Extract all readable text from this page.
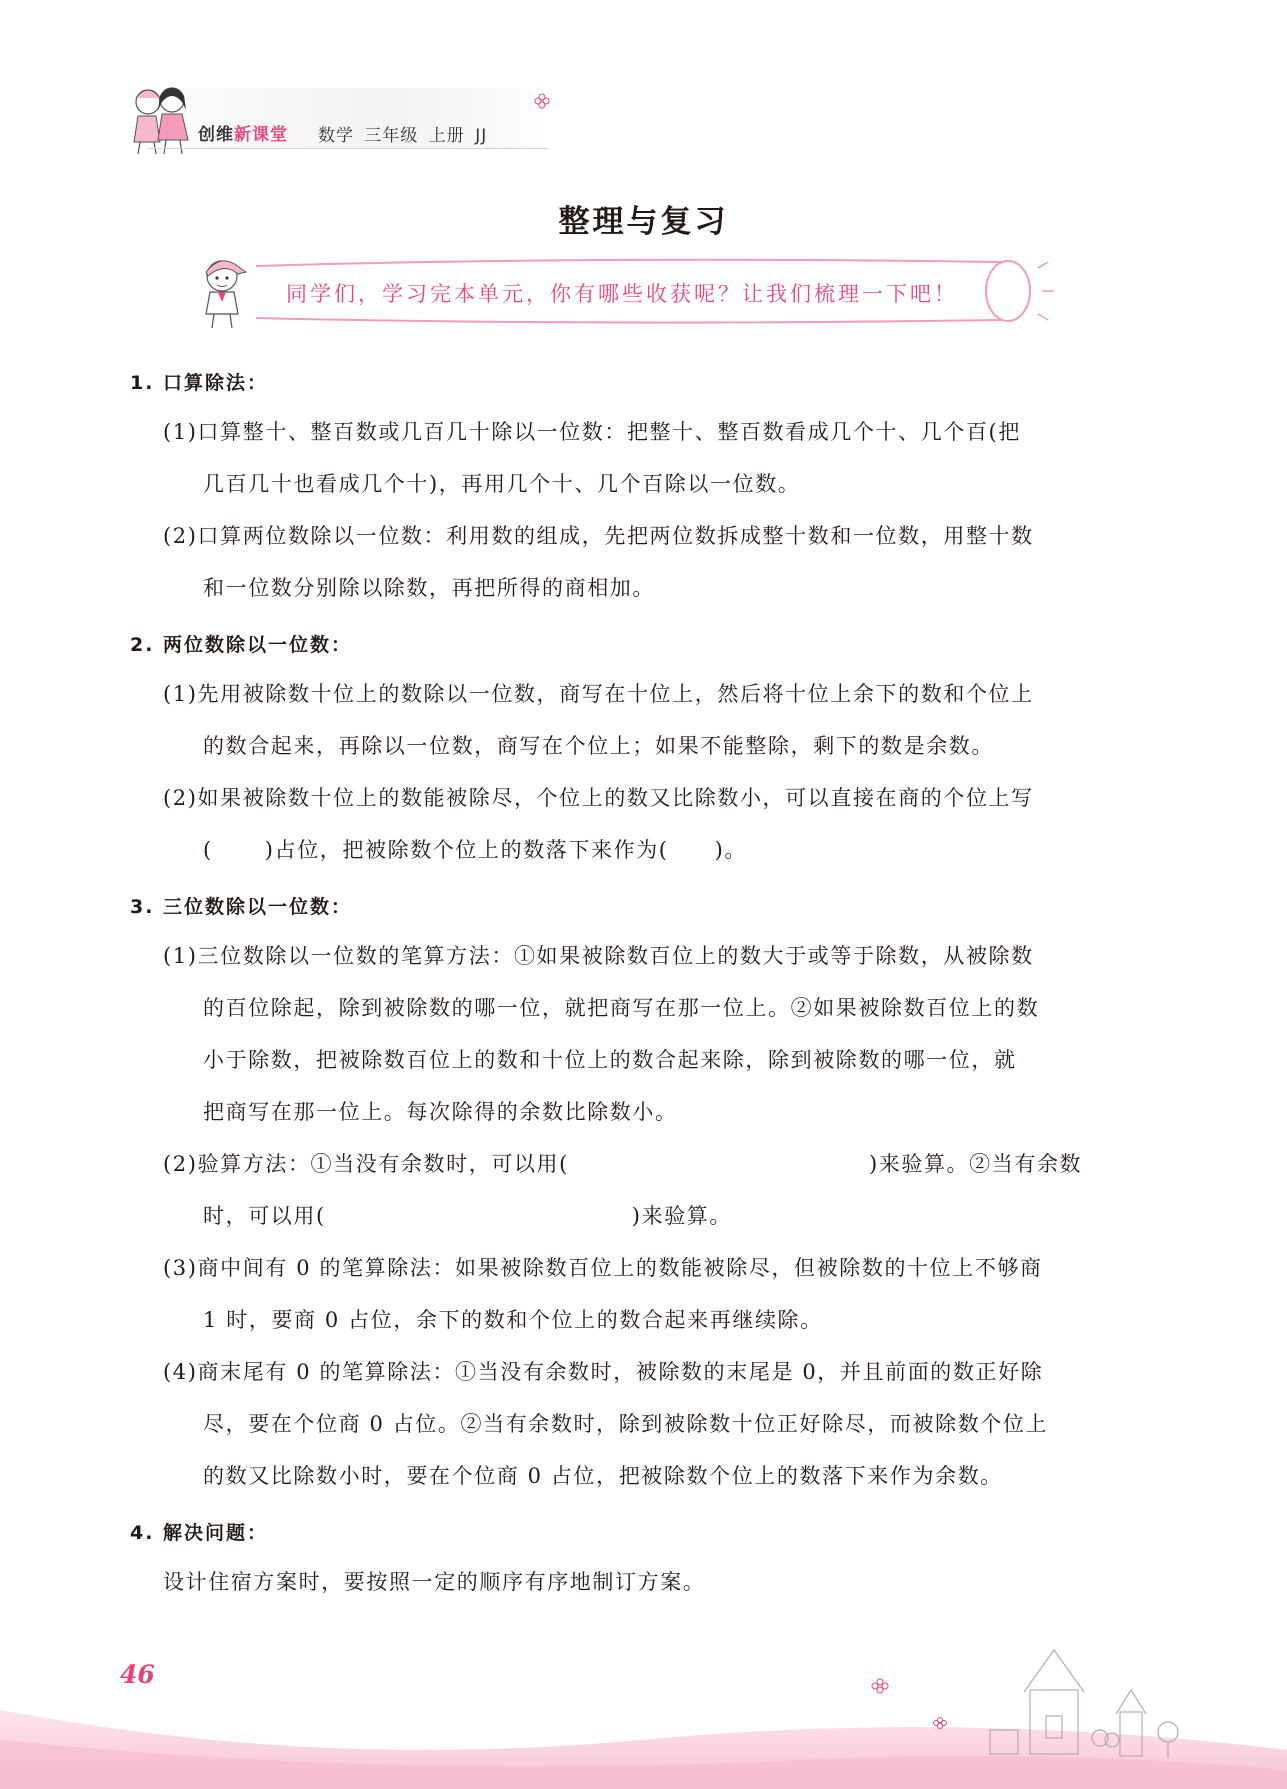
创维新课堂 数学 三年级 上册 JJ
整理与复习
同学们，学习完本单元，你有哪些收获呢？让我们梳理一下吧！
1. 口算除法：
(1)口算整十、整百数或几百几十除以一位数：把整十、整百数看成几个十、几个百(把
几百几十也看成几个十)，再用几个十、几个百除以一位数。
(2)口算两位数除以一位数：利用数的组成，先把两位数拆成整十数和一位数，用整十数
和一位数分别除以除数，再把所得的商相加。
2. 两位数除以一位数：
(1)先用被除数十位上的数除以一位数，商写在十位上，然后将十位上余下的数和个位上
的数合起来，再除以一位数，商写在个位上；如果不能整除，剩下的数是余数。
(2)如果被除数十位上的数能被除尽，个位上的数又比除数小，可以直接在商的个位上写
( )占位，把被除数个位上的数落下来作为( )。
3. 三位数除以一位数：
(1)三位数除以一位数的笔算方法：①如果被除数百位上的数大于或等于除数，从被除数
的百位除起，除到被除数的哪一位，就把商写在那一位上。②如果被除数百位上的数
小于除数，把被除数百位上的数和十位上的数合起来除，除到被除数的哪一位，就
把商写在那一位上。每次除得的余数比除数小。
(2)验算方法：①当没有余数时，可以用(	)来验算。②当有余数
时，可以用(	)来验算。
(3)商中间有 0 的笔算除法：如果被除数百位上的数能被除尽，但被除数的十位上不够商
1 时，要商 0 占位，余下的数和个位上的数合起来再继续除。
(4)商末尾有 0 的笔算除法：①当没有余数时，被除数的末尾是 0，并且前面的数正好除
尽，要在个位商 0 占位。②当有余数时，除到被除数十位正好除尽，而被除数个位上
的数又比除数小时，要在个位商 0 占位，把被除数个位上的数落下来作为余数。
4. 解决问题：
设计住宿方案时，要按照一定的顺序有序地制订方案。
46
